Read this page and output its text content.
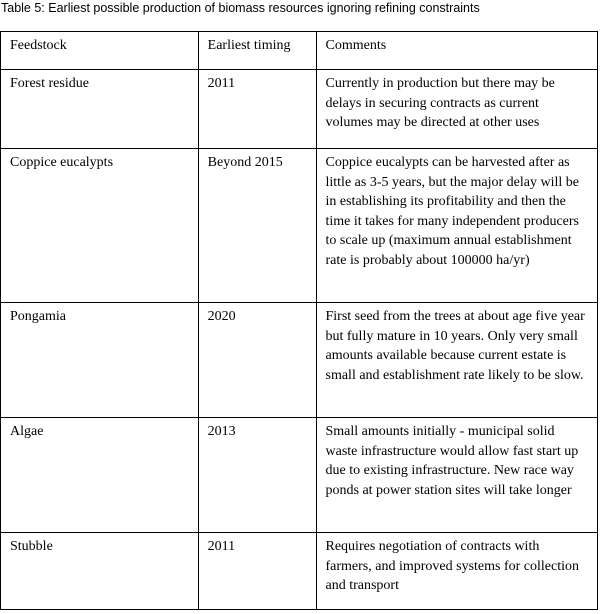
Table 5: Earliest possible production of biomass resources ignoring refining constraints
Feedstock	Earliest timing	Comments
Forest residue	2011	Currently in production but there may be delays in securing contracts as current volumes may be directed at other uses
Coppice eucalypts	Beyond 2015	Coppice eucalypts can be harvested after as little as 3-5 years, but the major delay will be in establishing its profitability and then the time it takes for many independent producers to scale up (maximum annual establishment rate is probably about 100000 ha/yr)
Pongamia	2020	First seed from the trees at about age five year but fully mature in 10 years. Only very small amounts available because current estate is small and establishment rate likely to be slow.
Algae	2013	Small amounts initially - municipal solid waste infrastructure would allow fast start up due to existing infrastructure. New race way ponds at power station sites will take longer
Stubble	2011	Requires negotiation of contracts with farmers, and improved systems for collection and transport
